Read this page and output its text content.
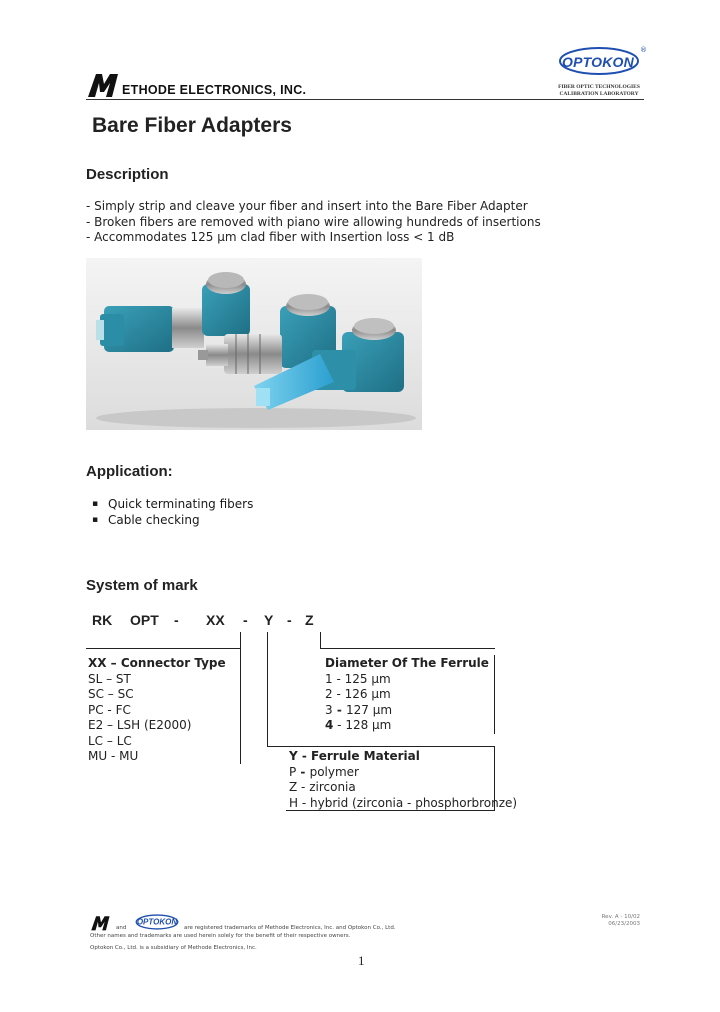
ETHODE ELECTRONICS, INC.
OPTOKON
®
FIBER OPTIC TECHNOLOGIES
CALIBRATION LABORATORY
Bare Fiber Adapters
Description
- Simply strip and cleave your fiber and insert into the Bare Fiber Adapter
- Broken fibers are removed with piano wire allowing hundreds of insertions
- Accommodates 125 µm clad fiber with Insertion loss < 1 dB
Application:
▪ Quick terminating fibers
▪ Cable checking
System of mark
RK OPT - XX - Y - Z
XX – Connector Type
SL – ST
SC – SC
PC - FC
E2 – LSH (E2000)
LC – LC
MU - MU
Diameter Of The Ferrule
1 - 125 µm
2 - 126 µm
3 - 127 µm
4 - 128 µm
Y - Ferrule Material
P - polymer
Z - zirconia
H - hybrid (zirconia - phosphorbronze)
and
OPTOKON
are registered trademarks of Methode Electronics, Inc. and Optokon Co., Ltd.
Other names and trademarks are used herein solely for the benefit of their respective owners.
Optokon Co., Ltd. is a subsidiary of Methode Electronics, Inc.
Rev. A - 10/02
06/23/2003
1
